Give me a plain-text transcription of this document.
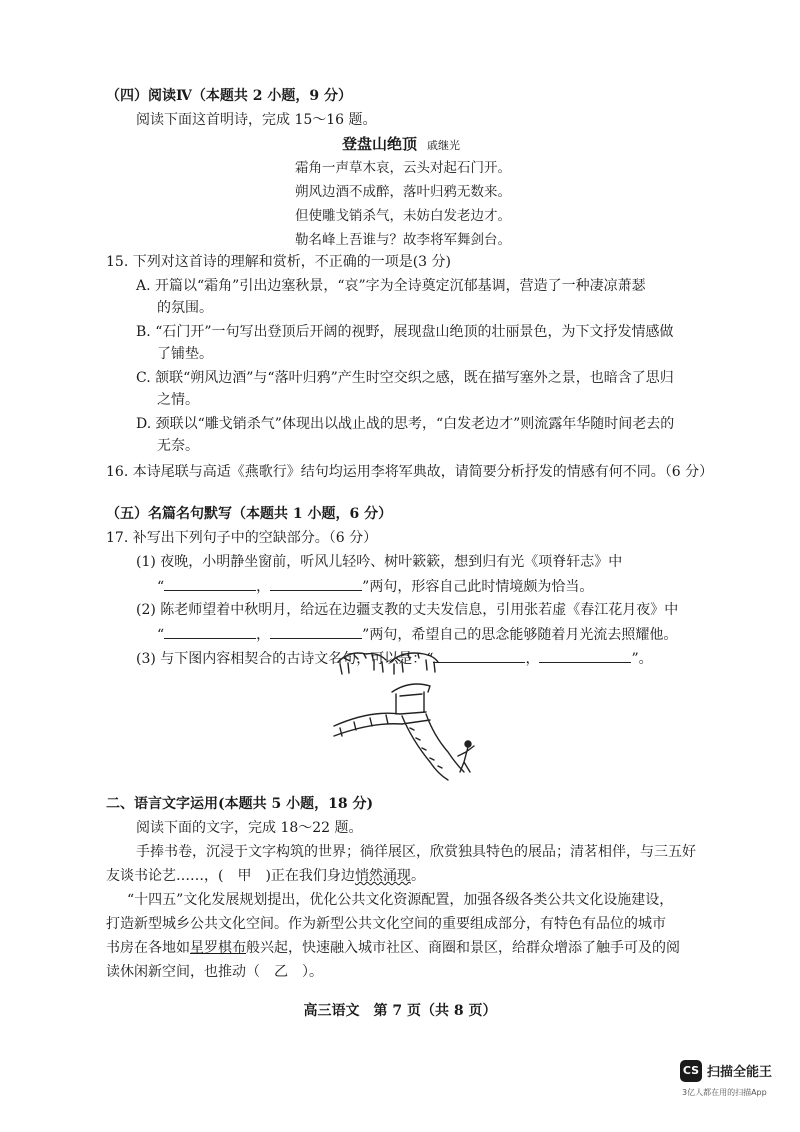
（四）阅读Ⅳ（本题共 2 小题，9 分）
阅读下面这首明诗，完成 15～16 题。
登盘山绝顶 戚继光
霜角一声草木哀，云头对起石门开。
朔风边酒不成醉，落叶归鸦无数来。
但使雕戈销杀气，未妨白发老边才。
勒名峰上吾谁与？故李将军舞剑台。
15. 下列对这首诗的理解和赏析，不正确的一项是(3 分)
A. 开篇以“霜角”引出边塞秋景，“哀”字为全诗奠定沉郁基调，营造了一种凄凉萧瑟
的氛围。
B. “石门开”一句写出登顶后开阔的视野，展现盘山绝顶的壮丽景色，为下文抒发情感做
了铺垫。
C. 颔联“朔风边酒”与“落叶归鸦”产生时空交织之感，既在描写塞外之景，也暗含了思归
之情。
D. 颈联以“雕戈销杀气”体现出以战止战的思考，“白发老边才”则流露年华随时间老去的
无奈。
16. 本诗尾联与高适《燕歌行》结句均运用李将军典故，请简要分析抒发的情感有何不同。（6 分）
（五）名篇名句默写（本题共 1 小题，6 分）
17. 补写出下列句子中的空缺部分。（6 分）
(1) 夜晚，小明静坐窗前，听风儿轻吟、树叶簌簌，想到归有光《项脊轩志》中
“	，	”两句，形容自己此时情境颇为恰当。
(2) 陈老师望着中秋明月，给远在边疆支教的丈夫发信息，引用张若虚《春江花月夜》中
“	，	”两句，希望自己的思念能够随着月光流去照耀他。
(3) 与下图内容相契合的古诗文名句，可以是：“	，	”。
二、语言文字运用(本题共 5 小题，18 分)
阅读下面的文字，完成 18～22 题。
手捧书卷，沉浸于文字构筑的世界；徜徉展区，欣赏独具特色的展品；清茗相伴，与三五好
友谈书论艺……，(　甲　)正在我们身边悄然涌现。
“十四五”文化发展规划提出，优化公共文化资源配置，加强各级各类公共文化设施建设，
打造新型城乡公共文化空间。作为新型公共文化空间的重要组成部分，有特色有品位的城市
书房在各地如星罗棋布般兴起，快速融入城市社区、商圈和景区，给群众增添了触手可及的阅
读休闲新空间，也推动（　乙　）。
高三语文　第 7 页（共 8 页）
CS 扫描全能王
3亿人都在用的扫描App
